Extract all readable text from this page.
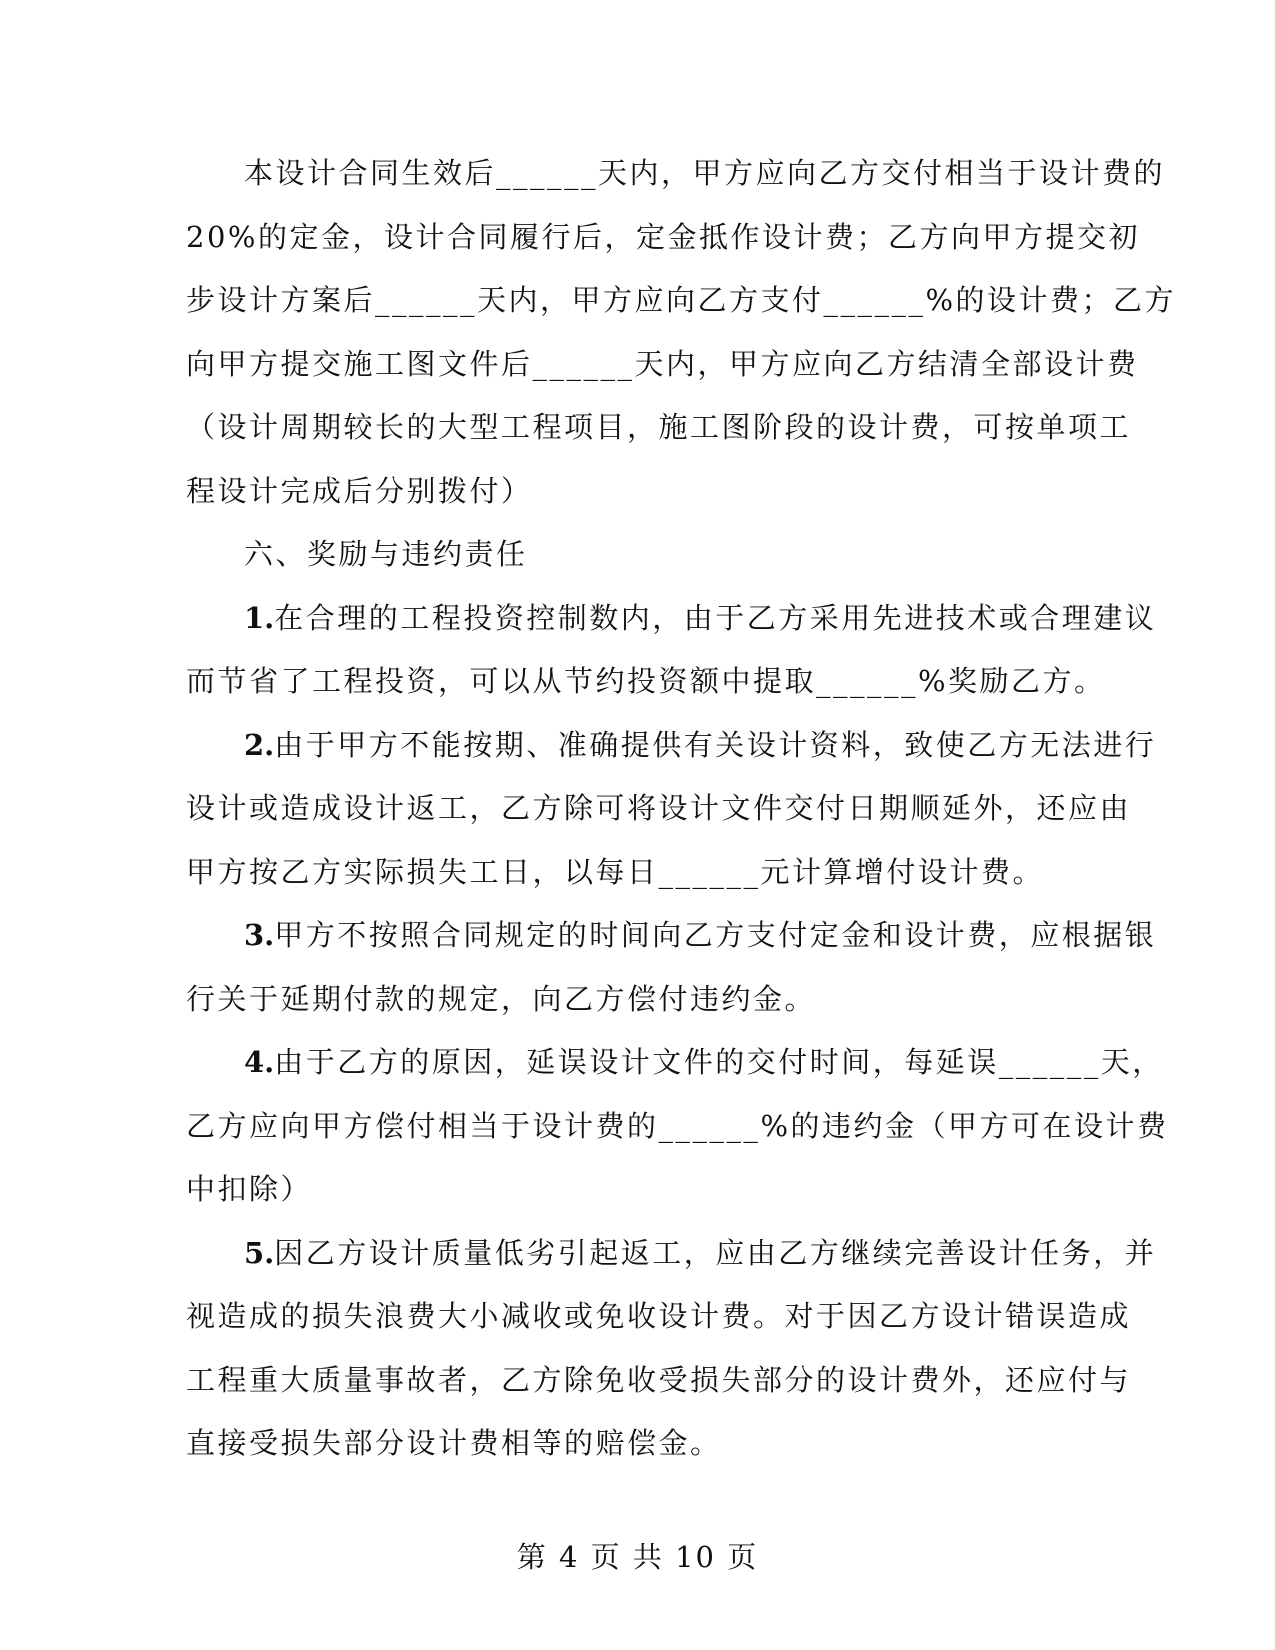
本设计合同生效后______天内，甲方应向乙方交付相当于设计费的
20%的定金，设计合同履行后，定金抵作设计费；乙方向甲方提交初
步设计方案后______天内，甲方应向乙方支付______%的设计费；乙方
向甲方提交施工图文件后______天内，甲方应向乙方结清全部设计费
（设计周期较长的大型工程项目，施工图阶段的设计费，可按单项工
程设计完成后分别拨付）
六、奖励与违约责任
1.在合理的工程投资控制数内，由于乙方采用先进技术或合理建议
而节省了工程投资，可以从节约投资额中提取______%奖励乙方。
2.由于甲方不能按期、准确提供有关设计资料，致使乙方无法进行
设计或造成设计返工，乙方除可将设计文件交付日期顺延外，还应由
甲方按乙方实际损失工日，以每日______元计算增付设计费。
3.甲方不按照合同规定的时间向乙方支付定金和设计费，应根据银
行关于延期付款的规定，向乙方偿付违约金。
4.由于乙方的原因，延误设计文件的交付时间，每延误______天，
乙方应向甲方偿付相当于设计费的______%的违约金（甲方可在设计费
中扣除）
5.因乙方设计质量低劣引起返工，应由乙方继续完善设计任务，并
视造成的损失浪费大小减收或免收设计费。对于因乙方设计错误造成
工程重大质量事故者，乙方除免收受损失部分的设计费外，还应付与
直接受损失部分设计费相等的赔偿金。
第 4 页 共 10 页
